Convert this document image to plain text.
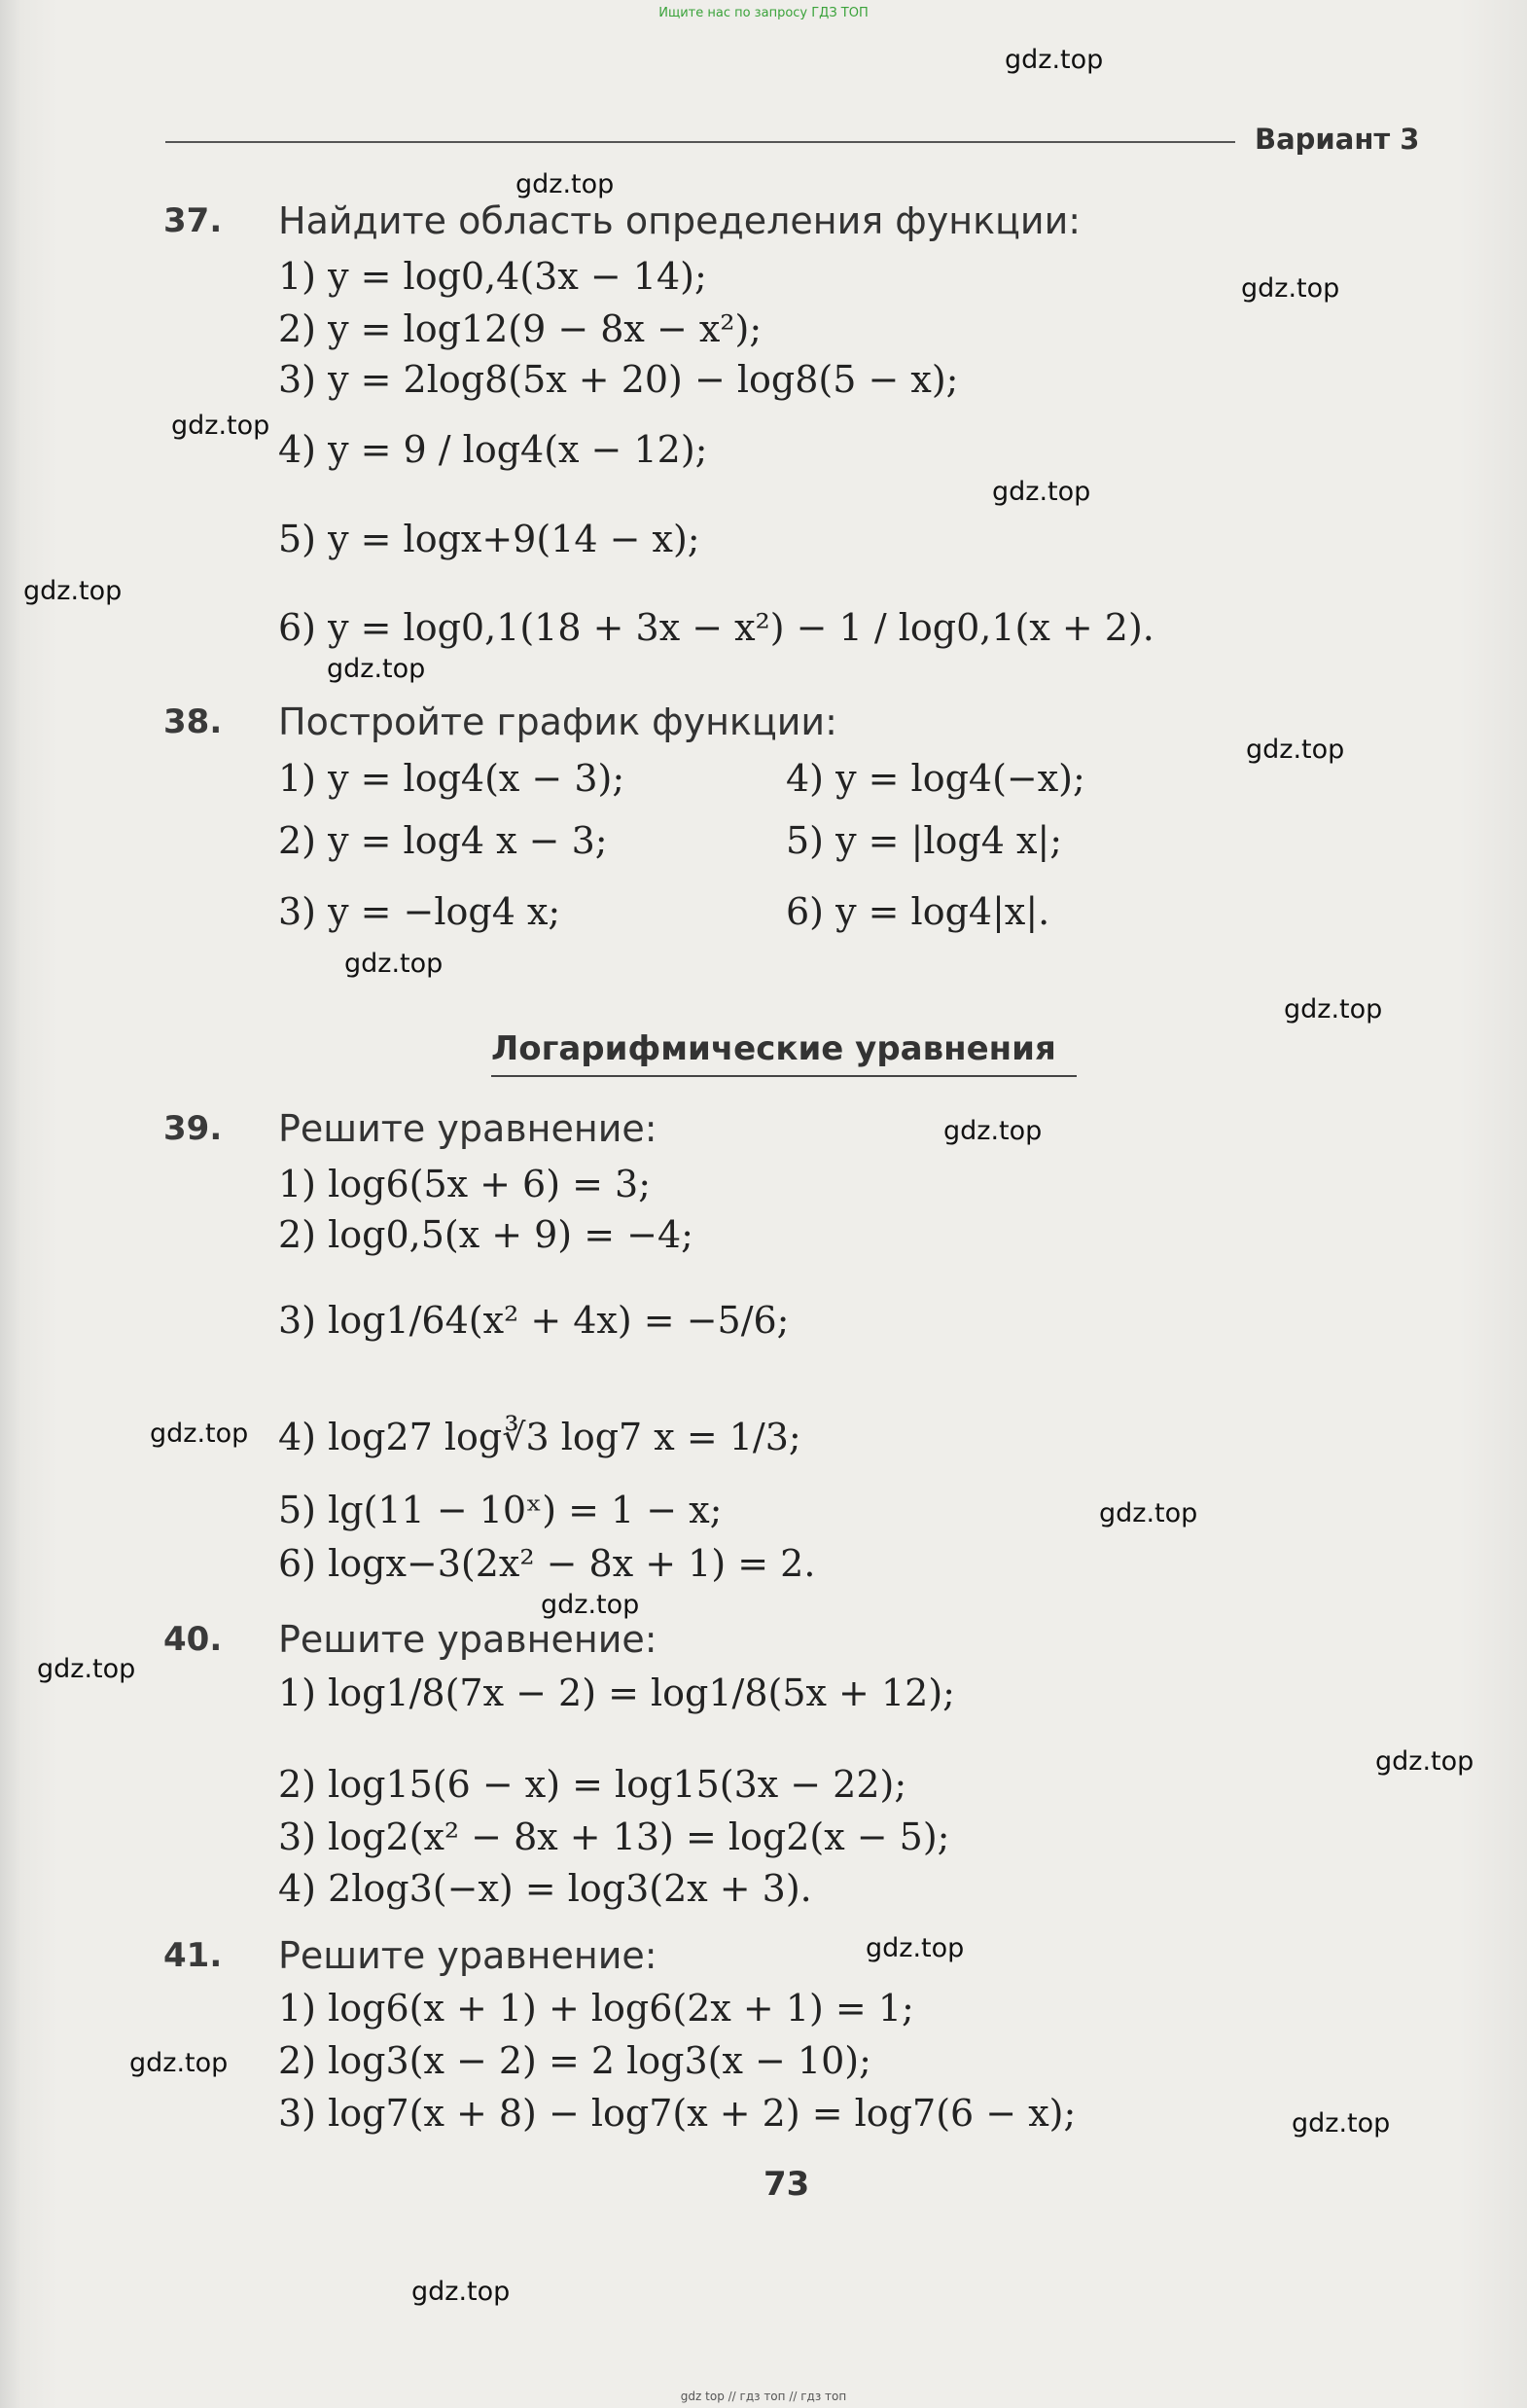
Ищите нас по запросу ГДЗ ТОП
Вариант 3
gdz.top
gdz.top
gdz.top
gdz.top
gdz.top
gdz.top
gdz.top
gdz.top
gdz.top
gdz.top
gdz.top
gdz.top
gdz.top
gdz.top
gdz.top
gdz.top
gdz.top
gdz.top
gdz.top
gdz.top
37. Найдите область определения функции:
1) y = log0,4(3x − 14);
2) y = log12(9 − 8x − x²);
3) y = 2log8(5x + 20) − log8(5 − x);
4) y = 9 / log4(x − 12);
5) y = logx+9(14 − x);
6) y = log0,1(18 + 3x − x²) − 1 / log0,1(x + 2).
38. Постройте график функции:
1) y = log4(x − 3);
2) y = log4 x − 3;
3) y = −log4 x;
4) y = log4(−x);
5) y = |log4 x|;
6) y = log4|x|.
Логарифмические уравнения
39. Решите уравнение:
1) log6(5x + 6) = 3;
2) log0,5(x + 9) = −4;
3) log1/64(x² + 4x) = −5/6;
4) log27 log∛3 log7 x = 1/3;
5) lg(11 − 10ˣ) = 1 − x;
6) logx−3(2x² − 8x + 1) = 2.
40. Решите уравнение:
1) log1/8(7x − 2) = log1/8(5x + 12);
2) log15(6 − x) = log15(3x − 22);
3) log2(x² − 8x + 13) = log2(x − 5);
4) 2log3(−x) = log3(2x + 3).
41. Решите уравнение:
1) log6(x + 1) + log6(2x + 1) = 1;
2) log3(x − 2) = 2 log3(x − 10);
3) log7(x + 8) − log7(x + 2) = log7(6 − x);
73
gdz top // гдз топ // гдз топ
